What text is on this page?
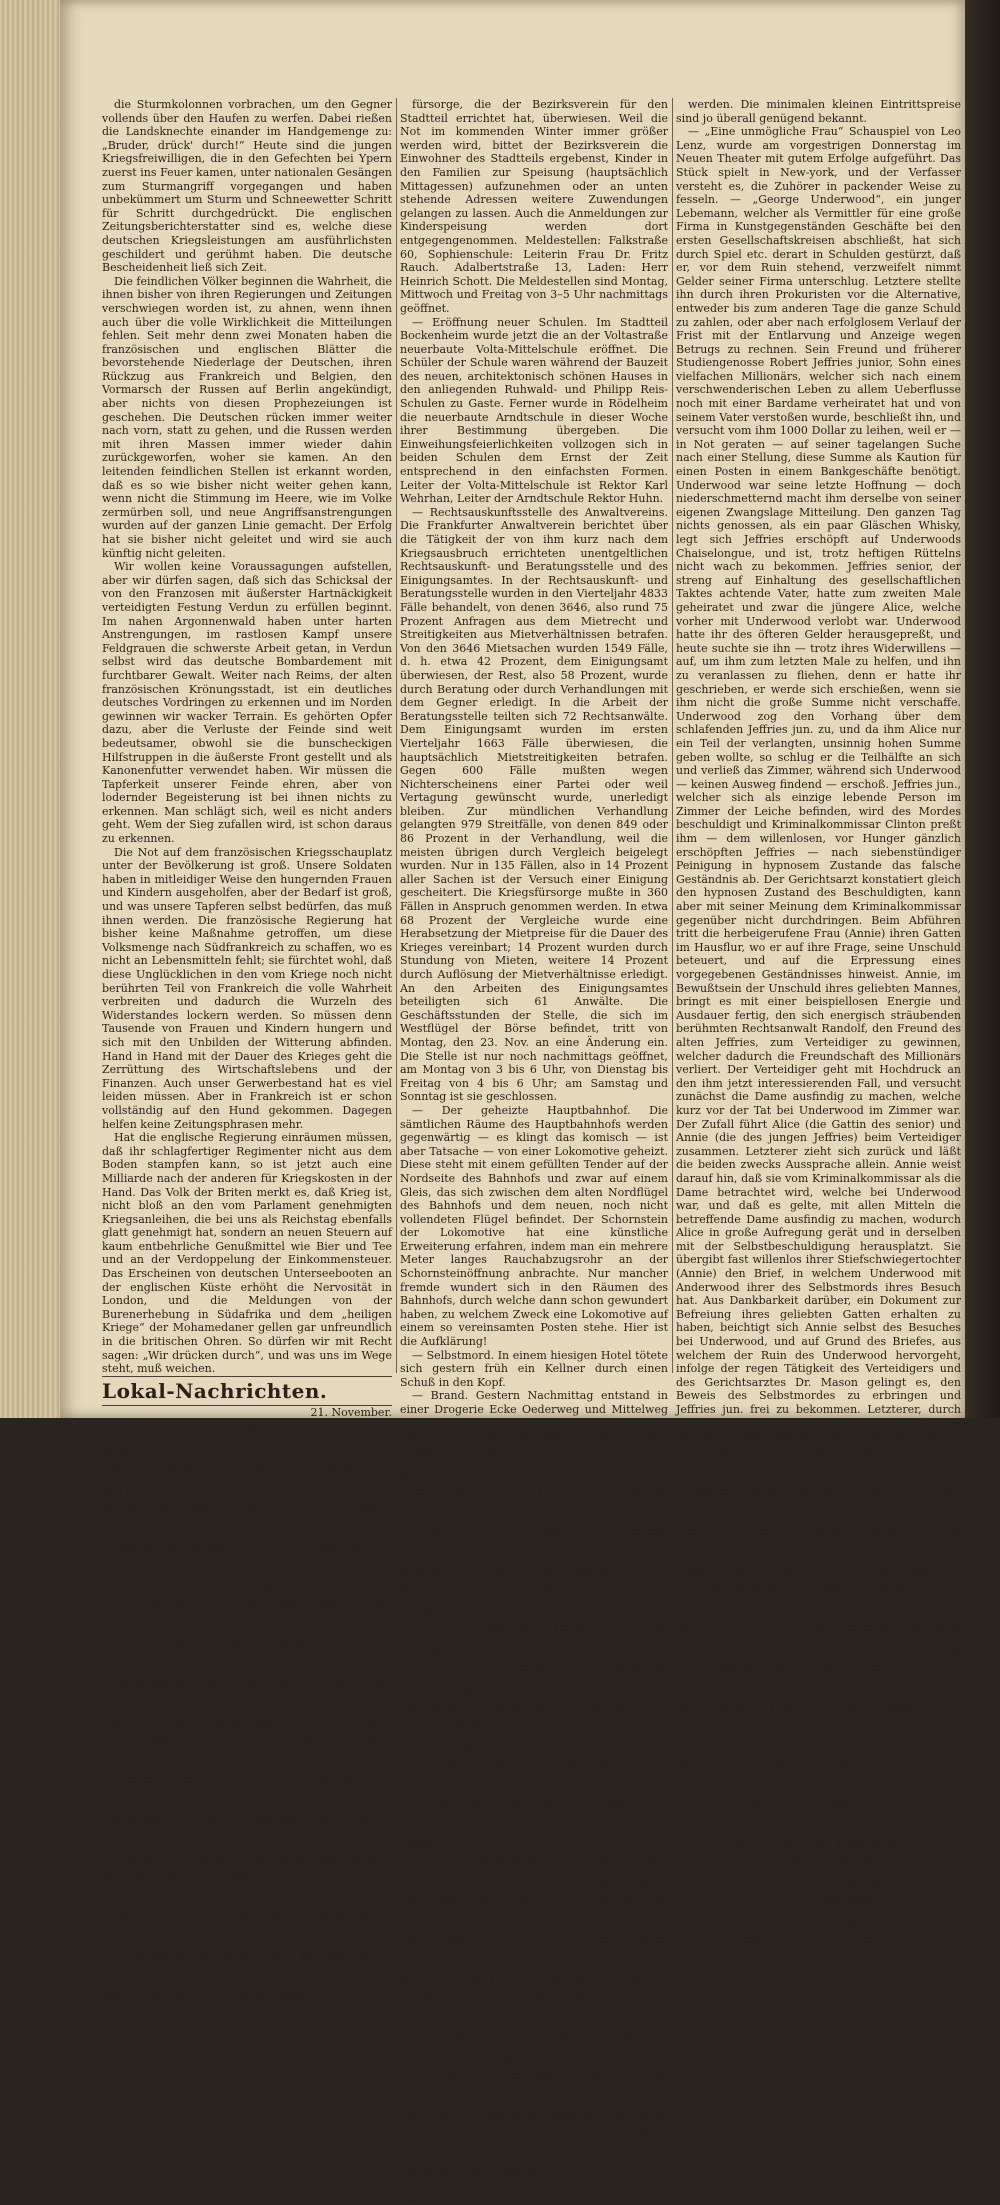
die Sturmkolonnen vorbrachen, um den Gegner vollends über den Haufen zu werfen. Dabei rießen die Landsknechte einander im Handgemenge zu: „Bruder, drück' durch!“ Heute sind die jungen Kriegsfreiwilligen, die in den Gefechten bei Ypern zuerst ins Feuer kamen, unter nationalen Gesängen zum Sturmangriff vorgegangen und haben unbekümmert um Sturm und Schneewetter Schritt für Schritt durchgedrückt. Die englischen Zeitungsberichterstatter sind es, welche diese deutschen Kriegsleistungen am ausführlichsten geschildert und gerühmt haben. Die deutsche Bescheidenheit ließ sich Zeit.

Die feindlichen Völker beginnen die Wahrheit, die ihnen bisher von ihren Regierungen und Zeitungen verschwiegen worden ist, zu ahnen, wenn ihnen auch über die volle Wirklichkeit die Mitteilungen fehlen. Seit mehr denn zwei Monaten haben die französischen und englischen Blätter die bevorstehende Niederlage der Deutschen, ihren Rückzug aus Frankreich und Belgien, den Vormarsch der Russen auf Berlin angekündigt, aber nichts von diesen Prophezeiungen ist geschehen. Die Deutschen rücken immer weiter nach vorn, statt zu gehen, und die Russen werden mit ihren Massen immer wieder dahin zurückgeworfen, woher sie kamen. An den leitenden feindlichen Stellen ist erkannt worden, daß es so wie bisher nicht weiter gehen kann, wenn nicht die Stimmung im Heere, wie im Volke zermürben soll, und neue Angriffsanstrengungen wurden auf der ganzen Linie gemacht. Der Erfolg hat sie bisher nicht geleitet und wird sie auch künftig nicht geleiten.

Wir wollen keine Voraussagungen aufstellen, aber wir dürfen sagen, daß sich das Schicksal der von den Franzosen mit äußerster Hartnäckigkeit verteidigten Festung Verdun zu erfüllen beginnt. Im nahen Argonnenwald haben unter harten Anstrengungen, im rastlosen Kampf unsere Feldgrauen die schwerste Arbeit getan, in Verdun selbst wird das deutsche Bombardement mit furchtbarer Gewalt. Weiter nach Reims, der alten französischen Krönungsstadt, ist ein deutliches deutsches Vordringen zu erkennen und im Norden gewinnen wir wacker Terrain. Es gehörten Opfer dazu, aber die Verluste der Feinde sind weit bedeutsamer, obwohl sie die bunscheckigen Hilfstruppen in die äußerste Front gestellt und als Kanonenfutter verwendet haben. Wir müssen die Tapferkeit unserer Feinde ehren, aber von lodernder Begeisterung ist bei ihnen nichts zu erkennen. Man schlägt sich, weil es nicht anders geht. Wem der Sieg zufallen wird, ist schon daraus zu erkennen.

Die Not auf dem französischen Kriegsschauplatz unter der Bevölkerung ist groß. Unsere Soldaten haben in mitleidiger Weise den hungernden Frauen und Kindern ausgeholfen, aber der Bedarf ist groß, und was unsere Tapferen selbst bedürfen, das muß ihnen werden. Die französische Regierung hat bisher keine Maßnahme getroffen, um diese Volksmenge nach Südfrankreich zu schaffen, wo es nicht an Lebensmitteln fehlt; sie fürchtet wohl, daß diese Unglücklichen in den vom Kriege noch nicht berührten Teil von Frankreich die volle Wahrheit verbreiten und dadurch die Wurzeln des Widerstandes lockern werden. So müssen denn Tausende von Frauen und Kindern hungern und sich mit den Unbilden der Witterung abfinden. Hand in Hand mit der Dauer des Krieges geht die Zerrüttung des Wirtschaftslebens und der Finanzen. Auch unser Gerwerbestand hat es viel leiden müssen. Aber in Frankreich ist er schon vollständig auf den Hund gekommen. Dagegen helfen keine Zeitungsphrasen mehr.

Hat die englische Regierung einräumen müssen, daß ihr schlagfertiger Regimenter nicht aus dem Boden stampfen kann, so ist jetzt auch eine Milliarde nach der anderen für Kriegskosten in der Hand. Das Volk der Briten merkt es, daß Krieg ist, nicht bloß an den vom Parlament genehmigten Kriegsanleihen, die bei uns als Reichstag ebenfalls glatt genehmigt hat, sondern an neuen Steuern auf kaum entbehrliche Genußmittel wie Bier und Tee und an der Verdoppelung der Einkommensteuer. Das Erscheinen von deutschen Unterseebooten an der englischen Küste erhöht die Nervosität in London, und die Meldungen von der Burenerhebung in Südafrika und dem „heiligen Kriege“ der Mohamedaner gellen gar unfreundlich in die britischen Ohren. So dürfen wir mit Recht sagen: „Wir drücken durch“, und was uns im Wege steht, muß weichen.

Lokal-Nachrichten.

21. November.

— Weihnachtssammlung für unsere Soldaten. Wie wir erfahren, hat der erste Sammeltag der Weihnachtssammlung wieder dank der Opferbereitschaft der Frankfurter Bürgerschaft einen glänzenden Erfolg gehabt, besonders Wollsachen und Zigarren gingen in reichen Mengen ein. Das Gesamtresultat wird später bekannt gegeben. Die Kriegsfürsorge macht nochmals darauf aufmerksam, daß die bekannt gegebenen Sammelstellen auch Sonntag, den 22. November, nach dem Gottesdienst ununterbrochen bis 5 Uhr geöffnet sind, ferner, daß nunmehr auch Schokolade, Lebkuchen, sowie für den Soldat im Felde nützliche Gebrauchsgegenstände, wie Taschenmesser, Pfeifen, Taschenlampen, Notizbücher, Bleistifte, Briefpapier, Kerzen, Seife usw. gesammelt werden. Obwohl zirka 1200 Sammelerinnen, unter Leitung von zirka 50 Damen, bei der Weihnachtssammlung tätig sind, ist es nicht möglich, alle Haushaltungen zu besuchen. Diejenigen Herrschaften, bei denen nicht gesammelt wurde, werden deshalb gebeten, ihre Gaben bis spätestens Montag, den 23. November, nachmittags 5 Uhr zu den bekannten Sammelstellen hinzubringen.

— Eine Sitzung der Stadtverordneten-Versammlung findet nächste Woche nicht statt.

— Stadtverordneter von Lasaulx gefallen. Auf dem nordwestlichen Kriegsschauplatz ist der nationalliberale Stadtverordnete von Lasaulx gefallen. Herr von Lasaulx ist der Landwehroffizier a. D. war, hatte sich zu Beginn des Krieges wieder zur Verfügung gestellt und wurde Kompagnieführer in einem Landwehr-Regiment. Als solcher hatte er mehrere Wochen die Bahnhofswache in Namur. Vor etwa 14 Tagen mußte er mit seiner Kompagnie nach dem nordwestlichen Kriegsschauplatz, wo er von einer feindlichen Kugel getroffen, auf dem Feld der Ehre sein Leben aushauchte.

— Bezirksverein Bockenheim. Bei der am 4. November veranstalteten „Vaterländischen Kundgebung“ wurden 400 Mark eingenommen. Der gesamte Betrag wurde der Kinder-

fürsorge, die der Bezirksverein für den Stadtteil errichtet hat, überwiesen. Weil die Not im kommenden Winter immer größer werden wird, bittet der Bezirksverein die Einwohner des Stadtteils ergebenst, Kinder in den Familien zur Speisung (hauptsächlich Mittagessen) aufzunehmen oder an unten stehende Adressen weitere Zuwendungen gelangen zu lassen. Auch die Anmeldungen zur Kinderspeisung werden dort entgegengenommen. Meldestellen: Falkstraße 60, Sophienschule: Leiterin Frau Dr. Fritz Rauch. Adalbertstraße 13, Laden: Herr Heinrich Schott. Die Meldestellen sind Montag, Mittwoch und Freitag von 3–5 Uhr nachmittags geöffnet.

— Eröffnung neuer Schulen. Im Stadtteil Bockenheim wurde jetzt die an der Voltastraße neuerbaute Volta-Mittelschule eröffnet. Die Schüler der Schule waren während der Bauzeit des neuen, architektonisch schönen Hauses in den anliegenden Ruhwald- und Philipp Reis-Schulen zu Gaste. Ferner wurde in Rödelheim die neuerbaute Arndtschule in dieser Woche ihrer Bestimmung übergeben. Die Einweihungsfeierlichkeiten vollzogen sich in beiden Schulen dem Ernst der Zeit entsprechend in den einfachsten Formen. Leiter der Volta-Mittelschule ist Rektor Karl Wehrhan, Leiter der Arndtschule Rektor Huhn.

— Rechtsauskunftsstelle des Anwaltvereins. Die Frankfurter Anwaltverein berichtet über die Tätigkeit der von ihm kurz nach dem Kriegsausbruch errichteten unentgeltlichen Rechtsauskunft- und Beratungsstelle und des Einigungsamtes. In der Rechtsauskunft- und Beratungsstelle wurden in den Vierteljahr 4833 Fälle behandelt, von denen 3646, also rund 75 Prozent Anfragen aus dem Mietrecht und Streitigkeiten aus Mietverhältnissen betrafen. Von den 3646 Mietsachen wurden 1549 Fälle, d. h. etwa 42 Prozent, dem Einigungsamt überwiesen, der Rest, also 58 Prozent, wurde durch Beratung oder durch Verhandlungen mit dem Gegner erledigt. In die Arbeit der Beratungsstelle teilten sich 72 Rechtsanwälte. Dem Einigungsamt wurden im ersten Vierteljahr 1663 Fälle überwiesen, die hauptsächlich Mietstreitigkeiten betrafen. Gegen 600 Fälle mußten wegen Nichterscheinens einer Partei oder weil Vertagung gewünscht wurde, unerledigt bleiben. Zur mündlichen Verhandlung gelangten 979 Streitfälle, von denen 849 oder 86 Prozent in der Verhandlung, weil die meisten übrigen durch Vergleich beigelegt wurden. Nur in 135 Fällen, also in 14 Prozent aller Sachen ist der Versuch einer Einigung gescheitert. Die Kriegsfürsorge mußte in 360 Fällen in Anspruch genommen werden. In etwa 68 Prozent der Vergleiche wurde eine Herabsetzung der Mietpreise für die Dauer des Krieges vereinbart; 14 Prozent wurden durch Stundung von Mieten, weitere 14 Prozent durch Auflösung der Mietverhältnisse erledigt. An den Arbeiten des Einigungsamtes beteiligten sich 61 Anwälte. Die Geschäftsstunden der Stelle, die sich im Westflügel der Börse befindet, tritt von Montag, den 23. Nov. an eine Änderung ein. Die Stelle ist nur noch nachmittags geöffnet, am Montag von 3 bis 6 Uhr, von Dienstag bis Freitag von 4 bis 6 Uhr; am Samstag und Sonntag ist sie geschlossen.

— Der geheizte Hauptbahnhof. Die sämtlichen Räume des Hauptbahnhofs werden gegenwärtig — es klingt das komisch — ist aber Tatsache — von einer Lokomotive geheizt. Diese steht mit einem gefüllten Tender auf der Nordseite des Bahnhofs und zwar auf einem Gleis, das sich zwischen dem alten Nordflügel des Bahnhofs und dem neuen, noch nicht vollendeten Flügel befindet. Der Schornstein der Lokomotive hat eine künstliche Erweiterung erfahren, indem man ein mehrere Meter langes Rauchabzugsrohr an der Schornsteinöffnung anbrachte. Nur mancher fremde wundert sich in den Räumen des Bahnhofs, durch welche dann schon gewundert haben, zu welchem Zweck eine Lokomotive auf einem so vereinsamten Posten stehe. Hier ist die Aufklärung!

— Selbstmord. In einem hiesigen Hotel tötete sich gestern früh ein Kellner durch einen Schuß in den Kopf.

— Brand. Gestern Nachmittag entstand in einer Drogerie Ecke Oederweg und Mittelweg ein Brand, der zwar von der Feuerwehr bald gelöscht wurde, an den Vorräten aber erheblichen Schaden anrichtete.

— Großfeuer. In der Wagnerei von Westenberger, Cranachstraße 13, brach in der letzten Nacht ein Brand aus. Er fand an den vielen Holzvorräten reiche Nahrung und zerstörte die Inneneinrichtungen und den größten Teil des im Hinterhaus belegenen Werkstätte. Die Feuerwehr hatte mit sechs Schlauchlinien fast vier Stunden zu tun, um des Brandes, der die Nachbargebäude schwer gefährdete, Herr zu werden.

— Die diesjährigen Weihnachtsferien für die Fortbildungs- und Fachschulen sind auf die Zeit vom 12. Dezember bis 4. Januar 1915 — den letzteren Tag einschließlich — festgesetzt worden.

— Wir wollen nochmals hinweisen auf die am morgigen Sonntag, nachmittags 4 Uhr in der Liebig-Oberrealschule stattfindende Veranstaltung zum Besten der Notleidenden in den Reichslanden.

— Bockenheimer Turngemeinde. Sonntag, den 22. November Ausflug der Schüler-Abteilung, Heiligenstock-Vilbel. Abmarsch 8 Uhr morgens vom Vereinshaus, Marburgerstraße 28. Verbunden mit Kriegsspiel gegen Wartburgverein Frankfurt a. M. Leiter: die Herren C. Wolfe und W. Pfister. Freunde und Gönner sind herzlichst willkommen.

— Der Stenographenklub „Gabelsberger“ nebst Stenographischem Damenverein zu Frankfurt a. M.-West, gegründet 1896, eröffnet am Montag, den 23. bezw. 30. November d. Js. einen neuen Lehrgang für Anfänger (Damen und Herren) in der Gabelsberger'schen Stenographie. Der Unterricht findet jeweils Montag-Abend um 8 Uhr in der Kaufungerschule (Eingang Kaufungerstraße) statt und sind alle Teilnehmer herzlichst willkommen. Das Honorar beträgt für den Kurs 8 Mk. einschließlich Lehrbücher und Hefte. Anmeldungen werden bei Beginn des Unterrichts, als auch vorher bei Herrn Karl Raspe, hier, Am Weingarten 16 a, entgegengenommen.

— Albert Schumann-Theater. Morgen Sonntag, den 22. Mts., gelangt als 50. zu großem Erfolge bisher zur Darstellung gebrachte vaterländische Volksspiel: „Kamerad Männe“ in zwei Vorstellungen, nachmittags 4 Uhr und abends 8 Uhr zur Aufführung und zwar nachmittags wie abends in gleicher bisheriger erstklassiger Besetzung. Billets können auch telephonisch (Amt 4603) vorbestellt

werden. Die minimalen kleinen Eintrittspreise sind jo überall genügend bekannt.

— „Eine unmögliche Frau“ Schauspiel von Leo Lenz, wurde am vorgestrigen Donnerstag im Neuen Theater mit gutem Erfolge aufgeführt. Das Stück spielt in New-york, und der Verfasser versteht es, die Zuhörer in packender Weise zu fesseln. — „George Underwood“, ein junger Lebemann, welcher als Vermittler für eine große Firma in Kunstgegenständen Geschäfte bei den ersten Gesellschaftskreisen abschließt, hat sich durch Spiel etc. derart in Schulden gestürzt, daß er, vor dem Ruin stehend, verzweifelt nimmt Gelder seiner Firma unterschlug. Letztere stellte ihn durch ihren Prokuristen vor die Alternative, entweder bis zum anderen Tage die ganze Schuld zu zahlen, oder aber nach erfolglosem Verlauf der Frist mit der Entlarvung und Anzeige wegen Betrugs zu rechnen. Sein Freund und früherer Studiengenosse Robert Jeffries junior, Sohn eines vielfachen Millionärs, welcher sich nach einem verschwenderischen Leben zu allem Ueberflusse noch mit einer Bardame verheiratet hat und von seinem Vater verstoßen wurde, beschließt ihn, und versucht vom ihm 1000 Dollar zu leihen, weil er — in Not geraten — auf seiner tagelangen Suche nach einer Stellung, diese Summe als Kaution für einen Posten in einem Bankgeschäfte benötigt. Underwood war seine letzte Hoffnung — doch niederschmetternd macht ihm derselbe von seiner eigenen Zwangslage Mitteilung. Den ganzen Tag nichts genossen, als ein paar Gläschen Whisky, legt sich Jeffries erschöpft auf Underwoods Chaiselongue, und ist, trotz heftigen Rüttelns nicht wach zu bekommen. Jeffries senior, der streng auf Einhaltung des gesellschaftlichen Taktes achtende Vater, hatte zum zweiten Male geheiratet und zwar die jüngere Alice, welche vorher mit Underwood verlobt war. Underwood hatte ihr des öfteren Gelder herausgepreßt, und heute suchte sie ihn — trotz ihres Widerwillens — auf, um ihm zum letzten Male zu helfen, und ihn zu veranlassen zu fliehen, denn er hatte ihr geschrieben, er werde sich erschießen, wenn sie ihm nicht die große Summe nicht verschaffe. Underwood zog den Vorhang über dem schlafenden Jeffries jun. zu, und da ihm Alice nur ein Teil der verlangten, unsinnig hohen Summe geben wollte, so schlug er die Teilhälfte an sich und verließ das Zimmer, während sich Underwood — keinen Ausweg findend — erschoß. Jeffries jun., welcher sich als einzige lebende Person im Zimmer der Leiche befinden, wird des Mordes beschuldigt und Kriminalkommissar Clinton preßt ihm — dem willenlosen, vor Hunger gänzlich erschöpften Jeffries — nach siebenstündiger Peinigung in hypnosem Zustande das falsche Geständnis ab. Der Gerichtsarzt konstatiert gleich den hypnosen Zustand des Beschuldigten, kann aber mit seiner Meinung dem Kriminalkommissar gegenüber nicht durchdringen. Beim Abführen tritt die herbeigerufene Frau (Annie) ihren Gatten im Hausflur, wo er auf ihre Frage, seine Unschuld beteuert, und auf die Erpressung eines vorgegebenen Geständnisses hinweist. Annie, im Bewußtsein der Unschuld ihres geliebten Mannes, bringt es mit einer beispiellosen Energie und Ausdauer fertig, den sich energisch sträubenden berühmten Rechtsanwalt Randolf, den Freund des alten Jeffries, zum Verteidiger zu gewinnen, welcher dadurch die Freundschaft des Millionärs verliert. Der Verteidiger geht mit Hochdruck an den ihm jetzt interessierenden Fall, und versucht zunächst die Dame ausfindig zu machen, welche kurz vor der Tat bei Underwood im Zimmer war. Der Zufall führt Alice (die Gattin des senior) und Annie (die des jungen Jeffries) beim Verteidiger zusammen. Letzterer zieht sich zurück und läßt die beiden zwecks Aussprache allein. Annie weist darauf hin, daß sie vom Kriminalkommissar als die Dame betrachtet wird, welche bei Underwood war, und daß es gelte, mit allen Mitteln die betreffende Dame ausfindig zu machen, wodurch Alice in große Aufregung gerät und in derselben mit der Selbstbeschuldigung herausplatzt. Sie übergibt fast willenlos ihrer Stiefschwiegertochter (Annie) den Brief, in welchem Underwood mit Anderwood ihrer des Selbstmords ihres Besuch hat. Aus Dankbarkeit darüber, ein Dokument zur Befreiung ihres geliebten Gatten erhalten zu haben, beichtigt sich Annie selbst des Besuches bei Underwood, und auf Grund des Briefes, aus welchem der Ruin des Underwood hervorgeht, infolge der regen Tätigkeit des Verteidigers und des Gerichtsarztes Dr. Mason gelingt es, den Beweis des Selbstmordes zu erbringen und Jeffries jun. frei zu bekommen. Letzterer, durch die ungewohnten Entbehrungen und seelischen Strapazen ganz mitgenommen, soll mit seinem, ihn bisher verstoßenen Vater und seiner Stiefmutter angeblich wegen Erholung, in Wirklichkeit aber zwecks Scheidung von seiner „kompromittierten, unebenbürtigen“ Frau, mit nach Italien genommen werden. Jeffries jun. will auf Annies Drängen, welche sich um die Gesundheit ihres Gatten abhärmt, auch einwilligen, bleibt aber doch bei seiner „unmöglichen Frau“ als er durch den Verteidiger erfährt, daß er jetzt entdeckt habe, daß der erwähnte Brief nicht an Annie, sondern an Alice Jeffries adressiert war, und als ihm Randolf aus Mitgefühl einen Posten auf seinem Bureau anbietet. — Das echt amerikanische Schauspiel fand durch die sehr gute Wiedergabe der Letztere stets viel Beifall. Es spielten: Underwood (Herr Rost), Jeffries senior (Herr Lexa), Alice (Frl. Leiko), Alice (Frl. Olly), Rechtsanwalt Randolf (Herr Kröpfer) und Kriminalkommissar Clinton (Herr Knauth) leisteten in ihren Rollen recht Gutes.

— Die erste Batterie des Nassauischen Feldartillerie-Regiments 63 Regiment „Frankfurt“ sendet folgenden Dank für eine Liebesgabensendung:

An Frankfurt.

Wer im Dorfe oder Stadt

Tanten, Onkels wohnen hat,

Der kriegt jetzt von allen Seiten

Nütz- und Süß- und Kleinigkeiten.

Wer wie's Regiment

Frankfurt „Patentante“ nennt,

Kriegt in größerem Maßstabe

Eine Riesenliebesgabe.

Drum wie 1:100000

Dröhnt's vergrößert, hurra brausend:

„Dank für all die Lieb' und Müh'“

Aus der ersten Batterie.
